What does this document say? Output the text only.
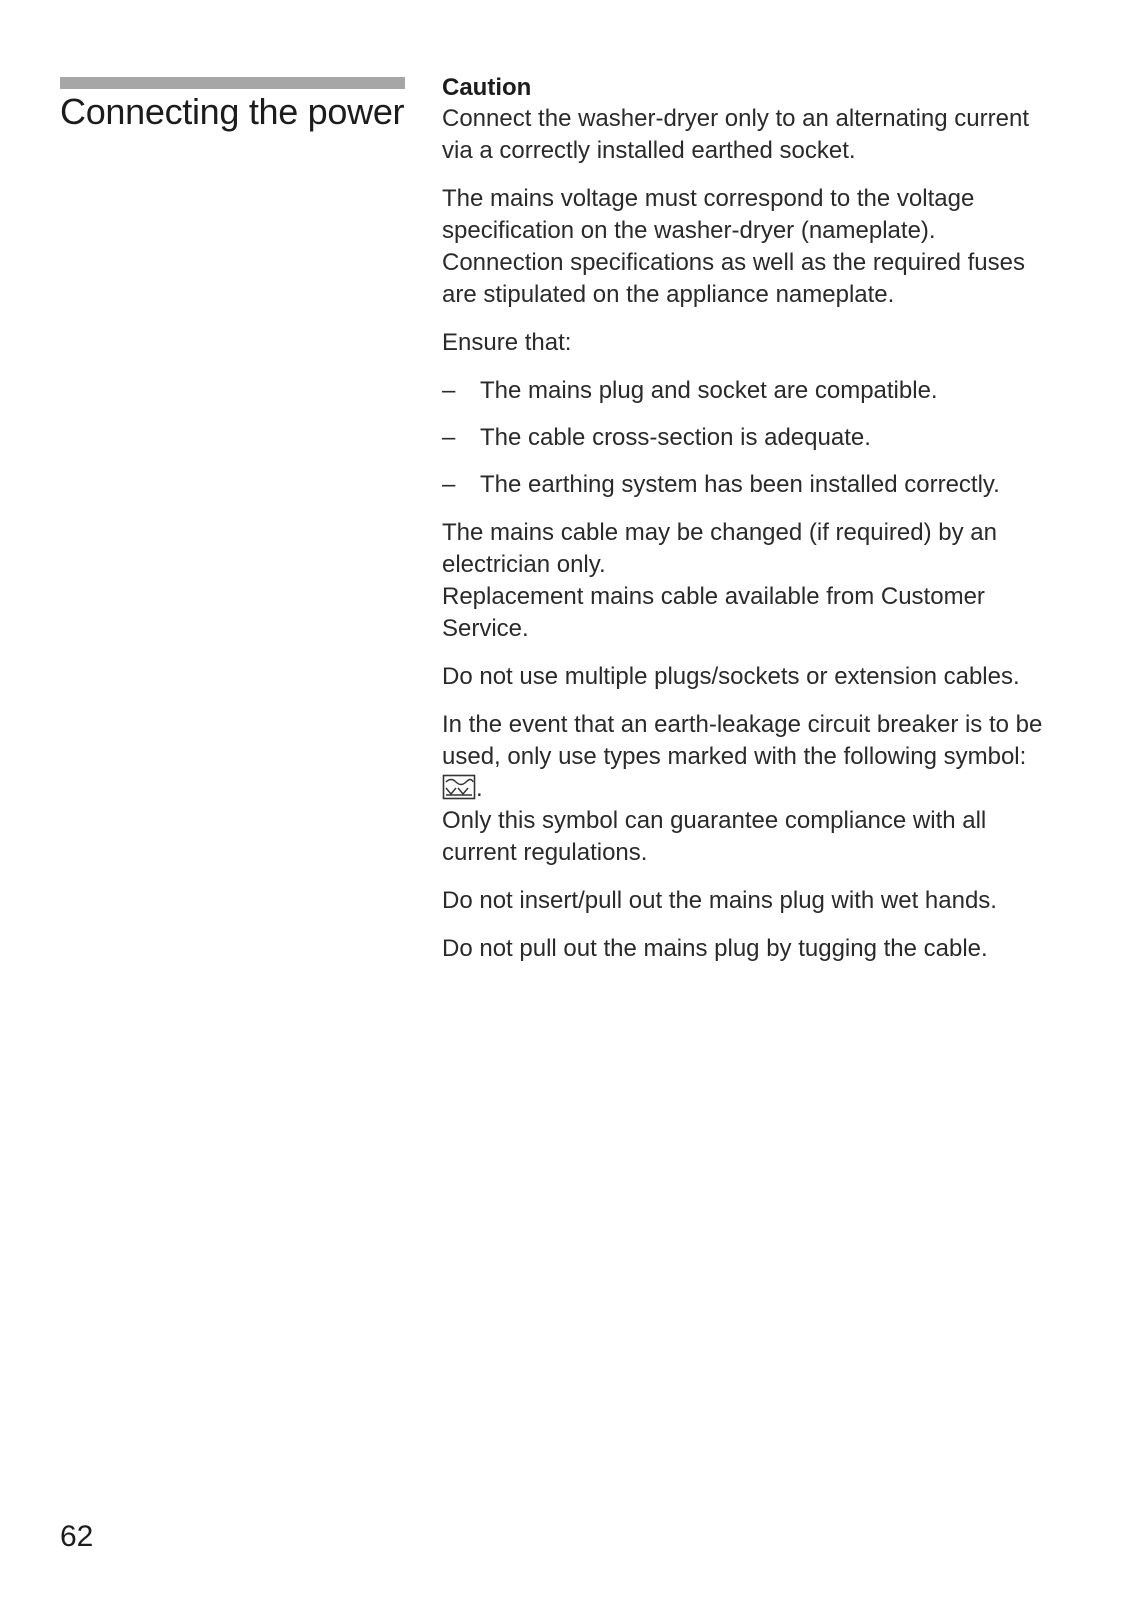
Connecting the power

Caution

Connect the washer-dryer only to an alternating current via a correctly installed earthed socket.

The mains voltage must correspond to the voltage specification on the washer-dryer (nameplate). Connection specifications as well as the required fuses are stipulated on the appliance nameplate.

Ensure that:

– The mains plug and socket are compatible.
– The cable cross-section is adequate.
– The earthing system has been installed correctly.

The mains cable may be changed (if required) by an electrician only.
Replacement mains cable available from Customer Service.

Do not use multiple plugs/sockets or extension cables.

In the event that an earth-leakage circuit breaker is to be used, only use types marked with the following symbol: .

Only this symbol can guarantee compliance with all current regulations.

Do not insert/pull out the mains plug with wet hands.

Do not pull out the mains plug by tugging the cable.

62
